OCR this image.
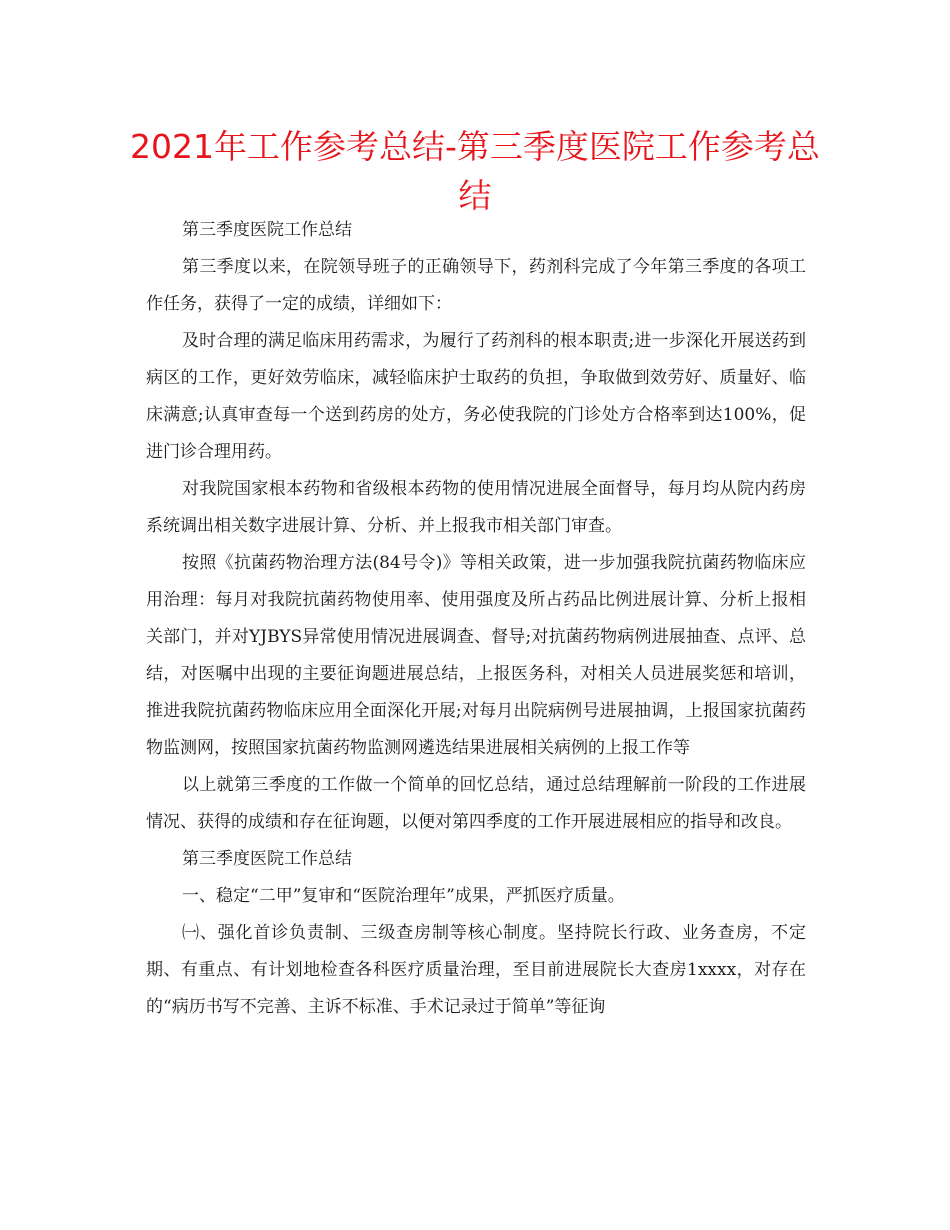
2021年工作参考总结-第三季度医院工作参考总结

第三季度医院工作总结

第三季度以来，在院领导班子的正确领导下，药剂科完成了今年第三季度的各项工作任务，获得了一定的成绩，详细如下：

及时合理的满足临床用药需求，为履行了药剂科的根本职责;进一步深化开展送药到病区的工作，更好效劳临床，减轻临床护士取药的负担，争取做到效劳好、质量好、临床满意;认真审查每一个送到药房的处方，务必使我院的门诊处方合格率到达100%，促进门诊合理用药。

对我院国家根本药物和省级根本药物的使用情况进展全面督导，每月均从院内药房系统调出相关数字进展计算、分析、并上报我市相关部门审查。

按照《抗菌药物治理方法(84号令)》等相关政策，进一步加强我院抗菌药物临床应用治理：每月对我院抗菌药物使用率、使用强度及所占药品比例进展计算、分析上报相关部门，并对YJBYS异常使用情况进展调查、督导;对抗菌药物病例进展抽查、点评、总结，对医嘱中出现的主要征询题进展总结，上报医务科，对相关人员进展奖惩和培训，推进我院抗菌药物临床应用全面深化开展;对每月出院病例号进展抽调，上报国家抗菌药物监测网，按照国家抗菌药物监测网遴选结果进展相关病例的上报工作等

以上就第三季度的工作做一个简单的回忆总结，通过总结理解前一阶段的工作进展情况、获得的成绩和存在征询题，以便对第四季度的工作开展进展相应的指导和改良。

第三季度医院工作总结

一、稳定“二甲”复审和“医院治理年”成果，严抓医疗质量。

㈠、强化首诊负责制、三级查房制等核心制度。坚持院长行政、业务查房，不定期、有重点、有计划地检查各科医疗质量治理，至目前进展院长大查房1xxxx，对存在的“病历书写不完善、主诉不标准、手术记录过于简单”等征询
